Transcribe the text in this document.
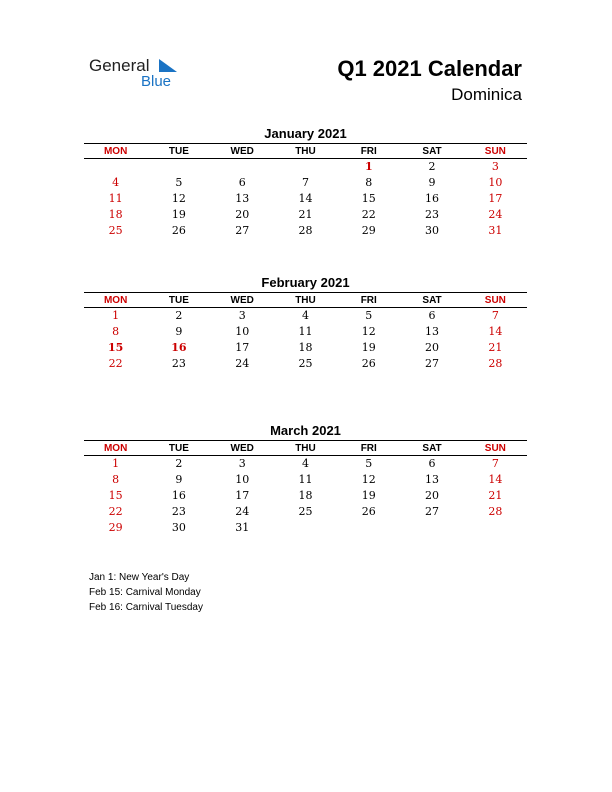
General
Blue
Q1 2021 Calendar
Dominica
January 2021
MON	TUE	WED	THU	FRI	SAT	SUN
				1	2	3
4	5	6	7	8	9	10
11	12	13	14	15	16	17
18	19	20	21	22	23	24
25	26	27	28	29	30	31
February 2021
MON	TUE	WED	THU	FRI	SAT	SUN
1	2	3	4	5	6	7
8	9	10	11	12	13	14
15	16	17	18	19	20	21
22	23	24	25	26	27	28
March 2021
MON	TUE	WED	THU	FRI	SAT	SUN
1	2	3	4	5	6	7
8	9	10	11	12	13	14
15	16	17	18	19	20	21
22	23	24	25	26	27	28
29	30	31				
Jan 1: New Year's Day
Feb 15: Carnival Monday
Feb 16: Carnival Tuesday
